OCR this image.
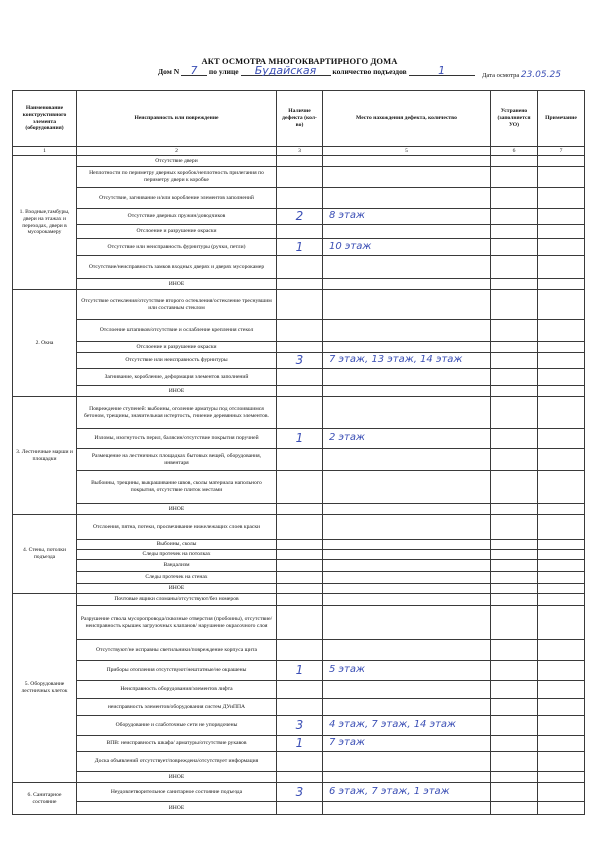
АКТ ОСМОТРА МНОГОКВАРТИРНОГО ДОМА
Дом N 7 по улице Будайская количество подъездов	1	Дата осмотра 23.05.25
Наименование конструктивного элемента (оборудования)	Неисправность или повреждение	Наличие дефекта (кол-во)	Место нахождения дефекта, количество	Устранено (заполняется УО)	Примечание
1	2	3	5	6	7
1. Входные,тамбуры, двери на этажах и переходах, двери в мусорокамеру	Отсутствие двери				
	Неплотности по периметру дверных коробок/неплотность прилегания по периметру двери к коробке				
	Отсутствие, загнивание и/или коробление элементов заполнений				
	Отсутствие дверных пружин/доводчиков	2	8 этаж		
	Отслоение и разрушение окраски				
	Отсутствие или неисправность фурнитуры (ручки, петли)	1	10 этаж		
	Отсутствие/неисправность замков входных дверях и дверях мусорокамер				
	ИНОЕ				
2. Окна	Отсутствие остекления/отсутствие второго остекления/остекление треснувшим или составным стеклом				
	Отслоение штапиков/отсутствие и ослабление крепления стекол				
	Отслоение и разрушение окраски				
	Отсутствие или неисправность фурнитуры	3	7 этаж, 13 этаж, 14 этаж		
	Загнивание, коробление, деформация элементов заполнений				
	ИНОЕ				
3. Лестничные марши и площадки	Повреждение ступеней: выбоины, оголение арматуры под отслоившимся бетоном, трещины, значительная истертость, гниение деревянных элементов.				
	Изломы, изогнутость перил, балясин/отсутствие покрытия поручней	1	2 этаж		
	Размещение на лестничных площадках бытовых вещей, оборудования, инвентаря				
	Выбоины, трещины, выкрашивание швов, сколы материала напольного покрытия, отсутствие плиток местами				
	ИНОЕ				
4. Стены, потолки подъезда	Отслоения, пятна, потеки, просвечивание нижележащих слоев краски				
	Выбоины, сколы				
	Следы протечек на потолках				
	Вандализм				
	Следы протечек на стенах				
	ИНОЕ				
5. Оборудование лестничных клеток	Почтовые ящики сломаны/отсутствуют/без номеров				
	Разрушение ствола мусоропровода/сквозные отверстия (пробоины), отсутствие/неисправность крышек загрузочных клапанов/ нарушение окрасочного слоя				
	Отсутствуют/не исправны светильники/повреждение корпуса щита				
	Приборы отопления отсутствуют/нештатные/не окрашены	1	5 этаж		
	Неисправность оборудования/элементов лифта				
	неисправность элементов/оборудования систем ДУиППА				
	Оборудование и слаботочные сети не упорядочены	3	4 этаж, 7 этаж, 14 этаж		
	ВПВ: неисправность шкафа/ арматуры/отсутствие рукавов	1	7 этаж		
	Доска объявлений отсутствует/повреждена/отсутствует информация				
	ИНОЕ				
6. Санитарное состояние	Неудовлетворительное санитарное состояние подъезда	3	6 этаж, 7 этаж, 1 этаж		
	ИНОЕ				
